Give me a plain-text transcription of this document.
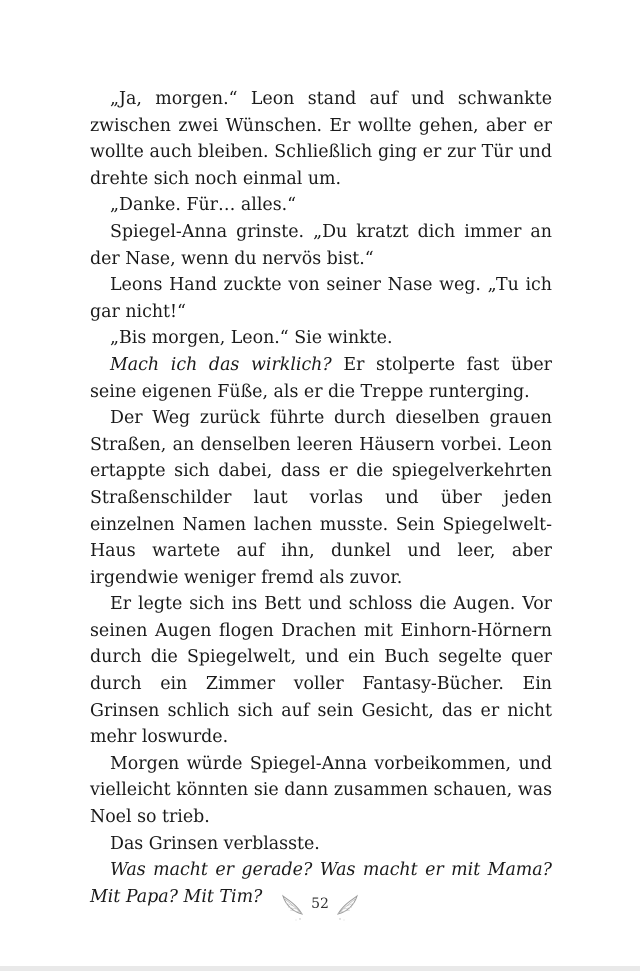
„Ja, morgen.“ Leon stand auf und schwankte zwischen zwei Wünschen. Er wollte gehen, aber er wollte auch bleiben. Schließlich ging er zur Tür und drehte sich noch einmal um.

„Danke. Für… alles.“

Spiegel-Anna grinste. „Du kratzt dich immer an der Nase, wenn du nervös bist.“

Leons Hand zuckte von seiner Nase weg. „Tu ich gar nicht!“

„Bis morgen, Leon.“ Sie winkte.

Mach ich das wirklich? Er stolperte fast über seine eigenen Füße, als er die Treppe runterging.

Der Weg zurück führte durch dieselben grauen Straßen, an denselben leeren Häusern vorbei. Leon ertappte sich dabei, dass er die spiegelverkehrten Straßenschilder laut vorlas und über jeden einzelnen Namen lachen musste. Sein Spiegelwelt-Haus wartete auf ihn, dunkel und leer, aber irgendwie weniger fremd als zuvor.

Er legte sich ins Bett und schloss die Augen. Vor seinen Augen flogen Drachen mit Einhorn-Hörnern durch die Spiegelwelt, und ein Buch segelte quer durch ein Zimmer voller Fantasy-Bücher. Ein Grinsen schlich sich auf sein Gesicht, das er nicht mehr loswurde.

Morgen würde Spiegel-Anna vorbeikommen, und vielleicht könnten sie dann zusammen schauen, was Noel so trieb.

Das Grinsen verblasste.

Was macht er gerade? Was macht er mit Mama? Mit Papa? Mit Tim?	52
